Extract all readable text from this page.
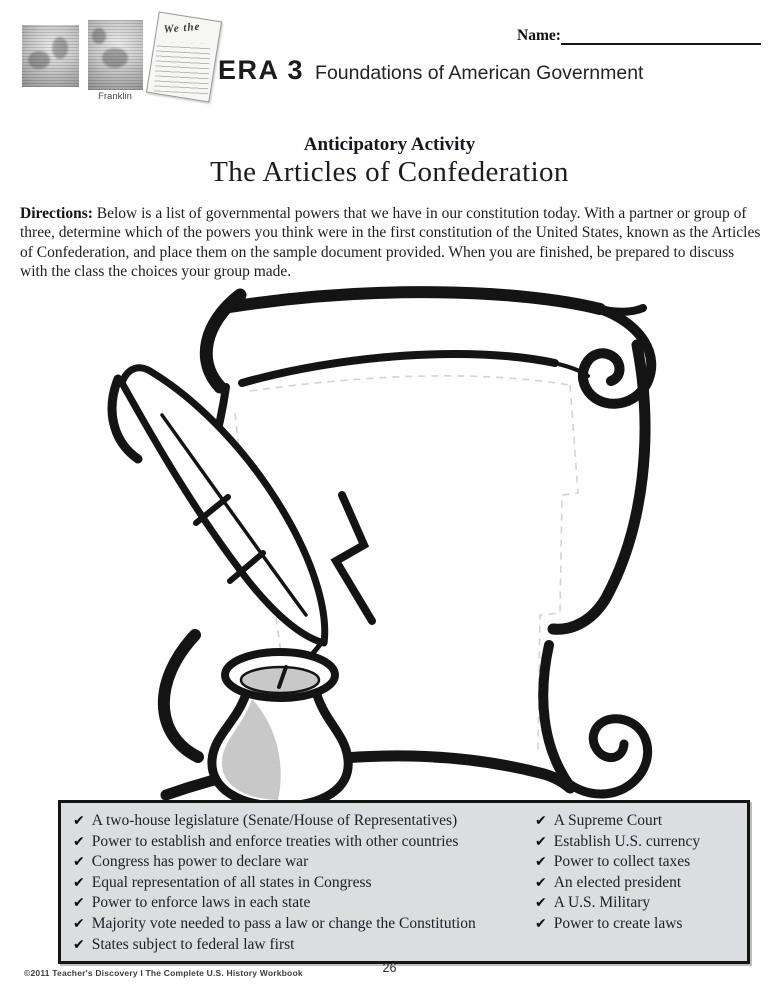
Franklin
We the
ERA 3 Foundations of American Government
Name:
Anticipatory Activity
The Articles of Confederation
Directions: Below is a list of governmental powers that we have in our constitution today. With a partner or group of three, determine which of the powers you think were in the first constitution of the United States, known as the Articles of Confederation, and place them on the sample document provided. When you are finished, be prepared to discuss with the class the choices your group made.
✔ A two-house legislature (Senate/House of Representatives)
✔ Power to establish and enforce treaties with other countries
✔ Congress has power to declare war
✔ Equal representation of all states in Congress
✔ Power to enforce laws in each state
✔ Majority vote needed to pass a law or change the Constitution
✔ States subject to federal law first
✔ A Supreme Court
✔ Establish U.S. currency
✔ Power to collect taxes
✔ An elected president
✔ A U.S. Military
✔ Power to create laws
©2011 Teacher's Discovery I The Complete U.S. History Workbook	26
